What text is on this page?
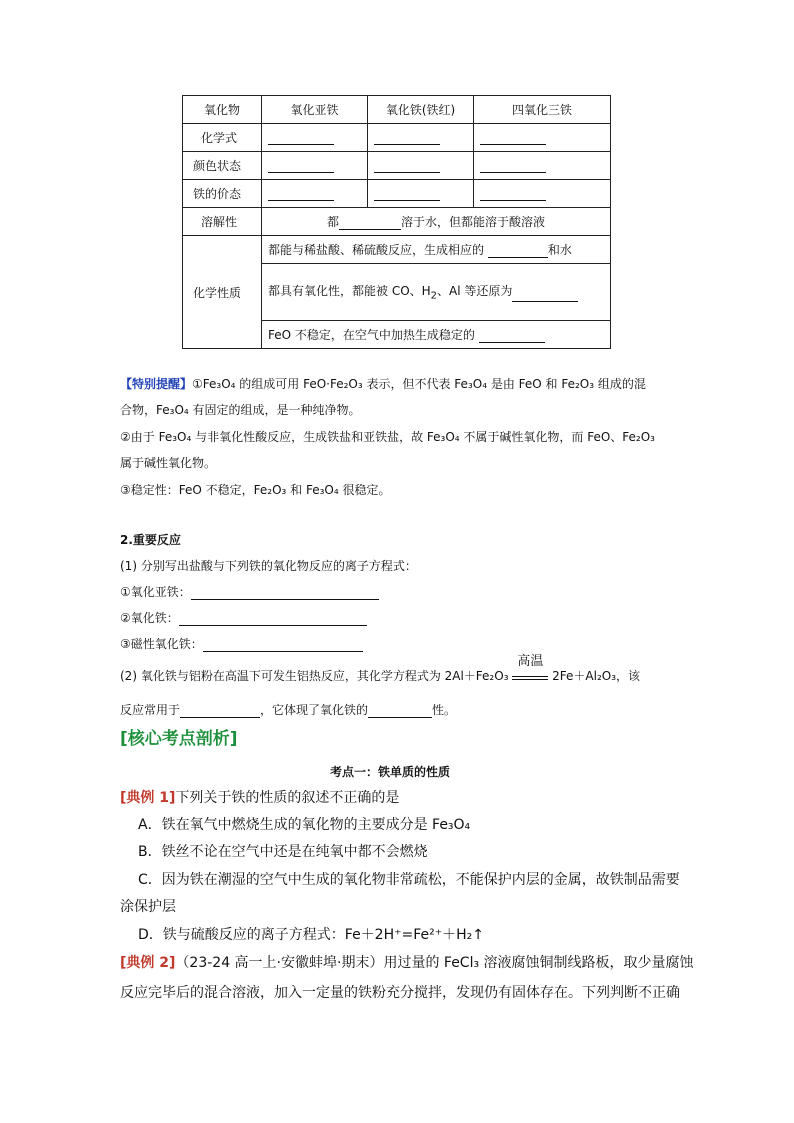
氧化物	氧化亚铁	氧化铁(铁红)	四氧化三铁
化学式			
颜色状态			
铁的价态			
溶解性	都 溶于水，但都能溶于酸溶液		
化学性质	都能与稀盐酸、稀硫酸反应，生成相应的 和水		
	都具有氧化性，都能被 CO、$H_2$、Al 等还原为		
	FeO 不稳定，在空气中加热生成稳定的		
【特别提醒】①Fe₃O₄ 的组成可用 FeO·Fe₂O₃ 表示，但不代表 Fe₃O₄ 是由 FeO 和 Fe₂O₃ 组成的混
合物，Fe₃O₄ 有固定的组成，是一种纯净物。
②由于 Fe₃O₄ 与非氧化性酸反应，生成铁盐和亚铁盐，故 Fe₃O₄ 不属于碱性氧化物，而 FeO、Fe₂O₃
属于碱性氧化物。
③稳定性：FeO 不稳定，Fe₂O₃ 和 Fe₃O₄ 很稳定。
2.重要反应
(1) 分别写出盐酸与下列铁的氧化物反应的离子方程式：
①氧化亚铁：
②氧化铁：
③磁性氧化铁：
(2) 氧化铁与铝粉在高温下可发生铝热反应，其化学方程式为 2Al＋Fe₂O₃
高温
2Fe＋Al₂O₃，该
反应常用于	，它体现了氧化铁的	性。
[核心考点剖析]
考点一：铁单质的性质
[典例 1]下列关于铁的性质的叙述不正确的是
A．铁在氧气中燃烧生成的氧化物的主要成分是 Fe₃O₄
B．铁丝不论在空气中还是在纯氧中都不会燃烧
C．因为铁在潮湿的空气中生成的氧化物非常疏松，不能保护内层的金属，故铁制品需要
涂保护层
D．铁与硫酸反应的离子方程式：Fe＋2H⁺=Fe²⁺＋H₂↑
[典例 2]（23-24 高一上·安徽蚌埠·期末）用过量的 FeCl₃ 溶液腐蚀铜制线路板，取少量腐蚀
反应完毕后的混合溶液，加入一定量的铁粉充分搅拌，发现仍有固体存在。下列判断不正确
